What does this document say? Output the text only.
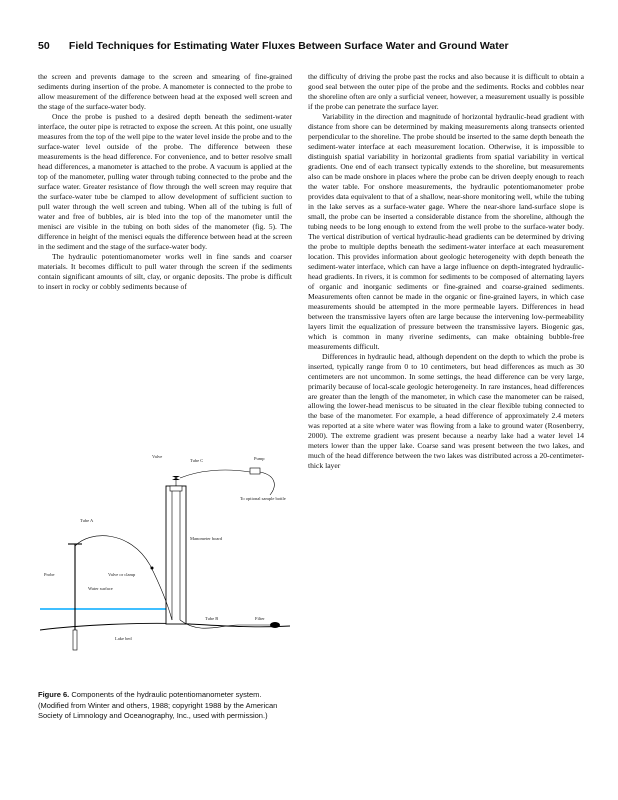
50 Field Techniques for Estimating Water Fluxes Between Surface Water and Ground Water

the screen and prevents damage to the screen and smearing of fine-grained sediments during insertion of the probe. A manometer is connected to the probe to allow measurement of the difference between head at the exposed well screen and the stage of the surface-water body.

Once the probe is pushed to a desired depth beneath the sediment-water interface, the outer pipe is retracted to expose the screen. At this point, one usually measures from the top of the well pipe to the water level inside the probe and to the surface-water level outside of the probe. The difference between these measurements is the head difference. For convenience, and to better resolve small head differences, a manometer is attached to the probe. A vacuum is applied at the top of the manometer, pulling water through tubing connected to the probe and the surface water. Greater resistance of flow through the well screen may require that the surface-water tube be clamped to allow development of sufficient suction to pull water through the well screen and tubing. When all of the tubing is full of water and free of bubbles, air is bled into the top of the manometer until the menisci are visible in the tubing on both sides of the manometer (fig. 5). The difference in height of the menisci equals the difference between head at the screen in the sediment and the stage of the surface-water body.

The hydraulic potentiomanometer works well in fine sands and coarser materials. It becomes difficult to pull water through the screen if the sediments contain significant amounts of silt, clay, or organic deposits. The probe is difficult to insert in rocky or cobbly sediments because of

Valve
Tube C	Pump
To optional sample bottle
Tube A
Manometer board
Probe	Valve or clamp
Water surface
Tube B	Filter
Lake bed
Figure 6. Components of the hydraulic potentiomanometer system. (Modified from Winter and others, 1988; copyright 1988 by the American Society of Limnology and Oceanography, Inc., used with permission.)

the difficulty of driving the probe past the rocks and also because it is difficult to obtain a good seal between the outer pipe of the probe and the sediments. Rocks and cobbles near the shoreline often are only a surficial veneer, however, a measurement usually is possible if the probe can penetrate the surface layer.

Variability in the direction and magnitude of horizontal hydraulic-head gradient with distance from shore can be determined by making measurements along transects oriented perpendicular to the shoreline. The probe should be inserted to the same depth beneath the sediment-water interface at each measurement location. Otherwise, it is impossible to distinguish spatial variability in horizontal gradients from spatial variability in vertical gradients. One end of each transect typically extends to the shoreline, but measurements also can be made onshore in places where the probe can be driven deeply enough to reach the water table. For onshore measurements, the hydraulic potentiomanometer probe provides data equivalent to that of a shallow, near-shore monitoring well, while the tubing in the lake serves as a surface-water gage. Where the near-shore land-surface slope is small, the probe can be inserted a considerable distance from the shoreline, although the tubing needs to be long enough to extend from the well probe to the surface-water body. The vertical distribution of vertical hydraulic-head gradients can be determined by driving the probe to multiple depths beneath the sediment-water interface at each measurement location. This provides information about geologic heterogeneity with depth beneath the sediment-water interface, which can have a large influence on depth-integrated hydraulic-head gradients. In rivers, it is common for sediments to be composed of alternating layers of organic and inorganic sediments or fine-grained and coarse-grained sediments. Measurements often cannot be made in the organic or fine-grained layers, in which case measurements should be attempted in the more permeable layers. Differences in head between the transmissive layers often are large because the intervening low-permeability layers limit the equalization of pressure between the transmissive layers. Biogenic gas, which is common in many riverine sediments, can make obtaining bubble-free measurements difficult.

Differences in hydraulic head, although dependent on the depth to which the probe is inserted, typically range from 0 to 10 centimeters, but head differences as much as 30 centimeters are not uncommon. In some settings, the head difference can be very large, primarily because of local-scale geologic heterogeneity. In rare instances, head differences are greater than the length of the manometer, in which case the manometer can be raised, allowing the lower-head meniscus to be situated in the clear flexible tubing connected to the base of the manometer. For example, a head difference of approximately 2.4 meters was reported at a site where water was flowing from a lake to ground water (Rosenberry, 2000). The extreme gradient was present because a nearby lake had a water level 14 meters lower than the upper lake. Coarse sand was present between the two lakes, and much of the head difference between the two lakes was distributed across a 20-centimeter-thick layer
